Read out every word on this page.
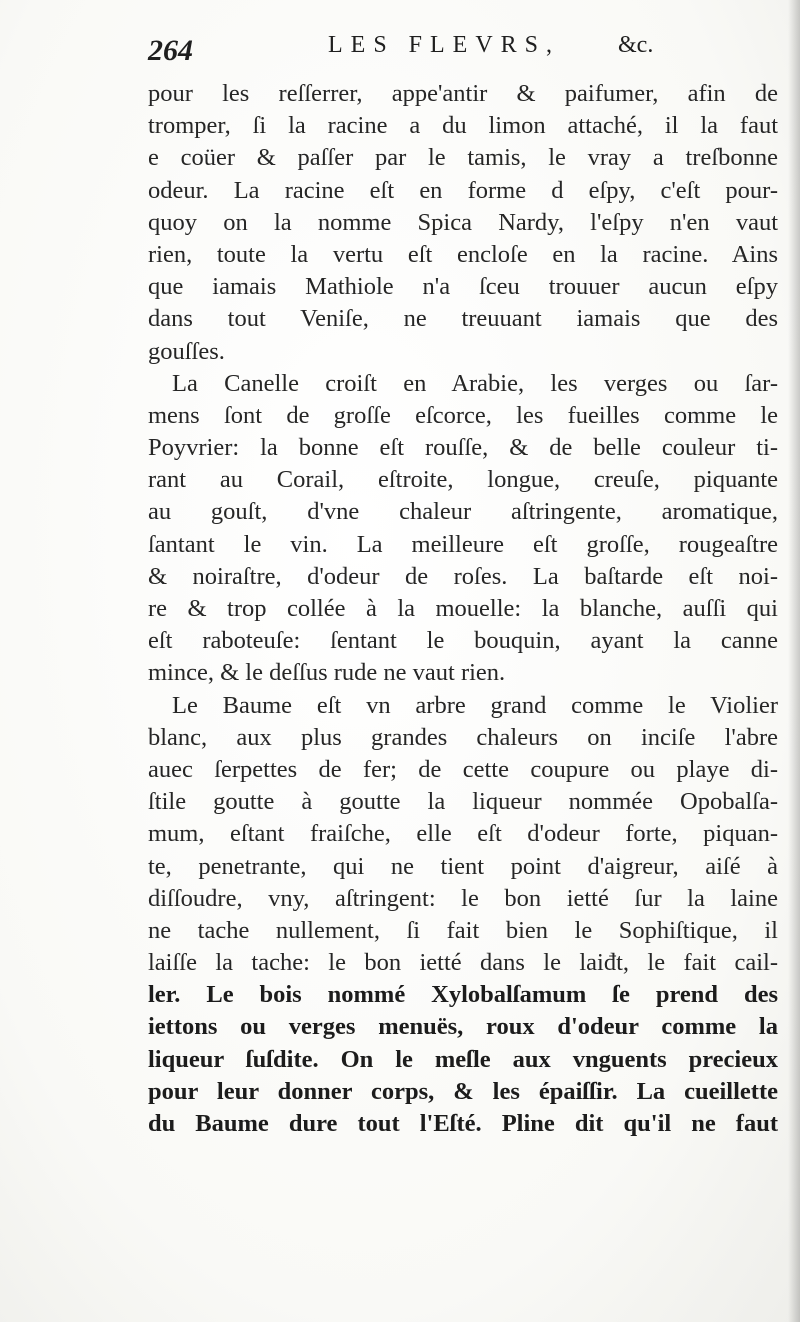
264	LES FLEVRS, &c.
pour les reſſerrer, appe'antir & paifumer, afin de
tromper, ſi la racine a du limon attaché, il la faut
e coüer & paſſer par le tamis, le vray a treſbonne
odeur. La racine eſt en forme d eſpy, c'eſt pour-
quoy on la nomme Spica Nardy, l'eſpy n'en vaut
rien, toute la vertu eſt encloſe en la racine. Ains
que iamais Mathiole n'a ſceu trouuer aucun eſpy
dans tout Veniſe, ne treuuant iamais que des
gouſſes.
La Canelle croiſt en Arabie, les verges ou ſar-
mens ſont de groſſe eſcorce, les fueilles comme le
Poyvrier: la bonne eſt rouſſe, & de belle couleur ti-
rant au Corail, eſtroite, longue, creuſe, piquante
au gouſt, d'vne chaleur aſtringente, aromatique,
ſantant le vin. La meilleure eſt groſſe, rougeaſtre
& noiraſtre, d'odeur de roſes. La baſtarde eſt noi-
re & trop collée à la mouelle: la blanche, auſſi qui
eſt raboteuſe: ſentant le bouquin, ayant la canne
mince, & le deſſus rude ne vaut rien.
Le Baume eſt vn arbre grand comme le Violier
blanc, aux plus grandes chaleurs on inciſe l'abre
auec ſerpettes de fer; de cette coupure ou playe di-
ſtile goutte à goutte la liqueur nommée Opobalſa-
mum, eſtant fraiſche, elle eſt d'odeur forte, piquan-
te, penetrante, qui ne tient point d'aigreur, aiſé à
diſſoudre, vny, aſtringent: le bon ietté ſur la laine
ne tache nullement, ſi fait bien le Sophiſtique, il
laiſſe la tache: le bon ietté dans le laiđt, le fait cail-
ler. Le bois nommé Xylobalſamum ſe prend des
iettons ou verges menuës, roux d'odeur comme la
liqueur ſuſdite. On le meſle aux vnguents precieux
pour leur donner corps, & les épaiſſir. La cueillette
du Baume dure tout l'Eſté. Pline dit qu'il ne faut
